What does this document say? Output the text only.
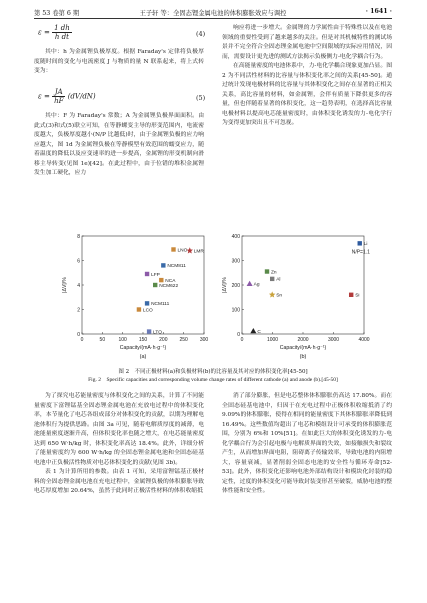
第 53 卷第 6 期	王子轩 等：全固态锂金属电池的体积膨胀效应与调控	· 1641 ·
$\varepsilon = \frac{1 dh}{\text{h dt}}$	(4)

其中：h 为金属锂负极厚度。根据 Faraday's 定律将负极厚度随时间的变化与电流密度 J 与物质的量 N 联系起来，将上式转变为：

$\varepsilon = \frac{JA}{hF} (dV/dN)$	(5)

其中：F 为 Faraday's 常数；A 为金属锂负极界面面积。由此式(3)和式(5)联立可知，在等静螺变主导的形变范围内，电流密度越大，负极厚度越小(N/P 比越低)时，由于金属锂负极的应力响应越大，图 1d 为金属锂负极在等静模型有效范围的蠕变应力，随着温度的降低以及应变速率的进一步提高，金属锂的形变机制向滑移主导转变(见图 1e)[42]。在此过程中，由于位错的堆积金属锂发生加工硬化，应力

响应将进一步增大。金属锂的力学属性由于特殊性以及在电池领域的重要性受到了越来越多的关注。但是对其机械特性的测试场景并不完全符合全固态锂金属电池中空间限域的实际应用情况，因而，需要设计更先进的测试方法揭示负极侧力-电化学耦合行为。

在高能量密度的电池体系中，力-电化学耦合现象更加凸显。图 2 为不同活性材料的比容量与体积变化率之间的关系[45-50]。通过统计发现电极材料的比容量与其体积变化之间存在显著的正相关关系，高比容量的材料，如金属锂，会伴有质量下降供更多的容量，但也伴随着显著的体积变化，这一趋势表明，在选择高比容量电极材料以提高电芯能量密度时，由体积变化诱发的力-电化学行为变得更加突出且不可忽视。

0	50	100 150 200 250 300
0
2
4
6
8
Capacity/(mA·h·g⁻¹)
|ΔV|/%
(a)
LNO LMR
NCM811
LFP
NCA
NCM622
NCM111
LCO
LTO
0	1000	2000	3000	4000
0
100
200
300
400
Capacity/(mA·h·g⁻¹)
|ΔV|/%
(b)
N/P=1.1
Li
Zn
Al
Ag
Sn	Si
C
图 2　不同正极材料(a)和负极材料(b)的比容量及其对应的体积变化率[45-50]
Fig. 2　Specific capacities and corresponding volume change rates of different cathode (a) and anode (b).[45-50]

为了探究电芯能量密度与体积变化之间的关系，计算了不同能量密度下富锂锰基全固态锂金属电池在充放电过程中的体积变化率，本节量化了电芯各组成部分对体积变化的贡献，以期为理解电池体积行为提供思路。由图 3a 可见，随着电解质厚度的减薄，电池能量密度逐渐升高，但体积变化率也随之增大，在电芯能量密度达到 650 W·h/kg 时，体积变化率高达 18.4%。此外，详细分析了能量密度约为 600 W·h/kg 的全固态锂金属电池和全固态硅基电池中正负极活性物质对电芯体积变化的贡献(见图 3b)。

表 1 为计算所用的参数。由表 1 可知，采用富锂锰基正极材料的全固态锂金属电池在充电过程中，金属锂负极的体积膨胀导致电芯厚度增加 20.64%，虽然于此同时正极活性材料的体积收缩抵

消了部分膨胀，但是电芯整体体积膨胀仍高达 17.80%。而在全固态硅基电池中，归因于在充电过程中正极体积收缩抵消了约 9.09%的体积膨胀，使得在相同的能量密度下其体积膨胀率降低到 16.49%。这些数值均超出了电芯和模组设计可承受的体积膨胀范围，分别为 6%和 10%[51]。在如此巨大的体积变化诱发的力-电化学耦合行为会引起电极与电解质界面的失效，如接触损失和裂纹产生，从而增加界面电阻，阻碍离子传输效率，导致电池的内阻增大，容量衰减，显著削弱全固态电池的安全性与循环寿命[52-53]。此外，体积变化还影响电池外部结构设计和模块化封装的稳定性，过度的体积变化可能导致封装变形甚至破裂，威胁电池的整体性能和安全性。
